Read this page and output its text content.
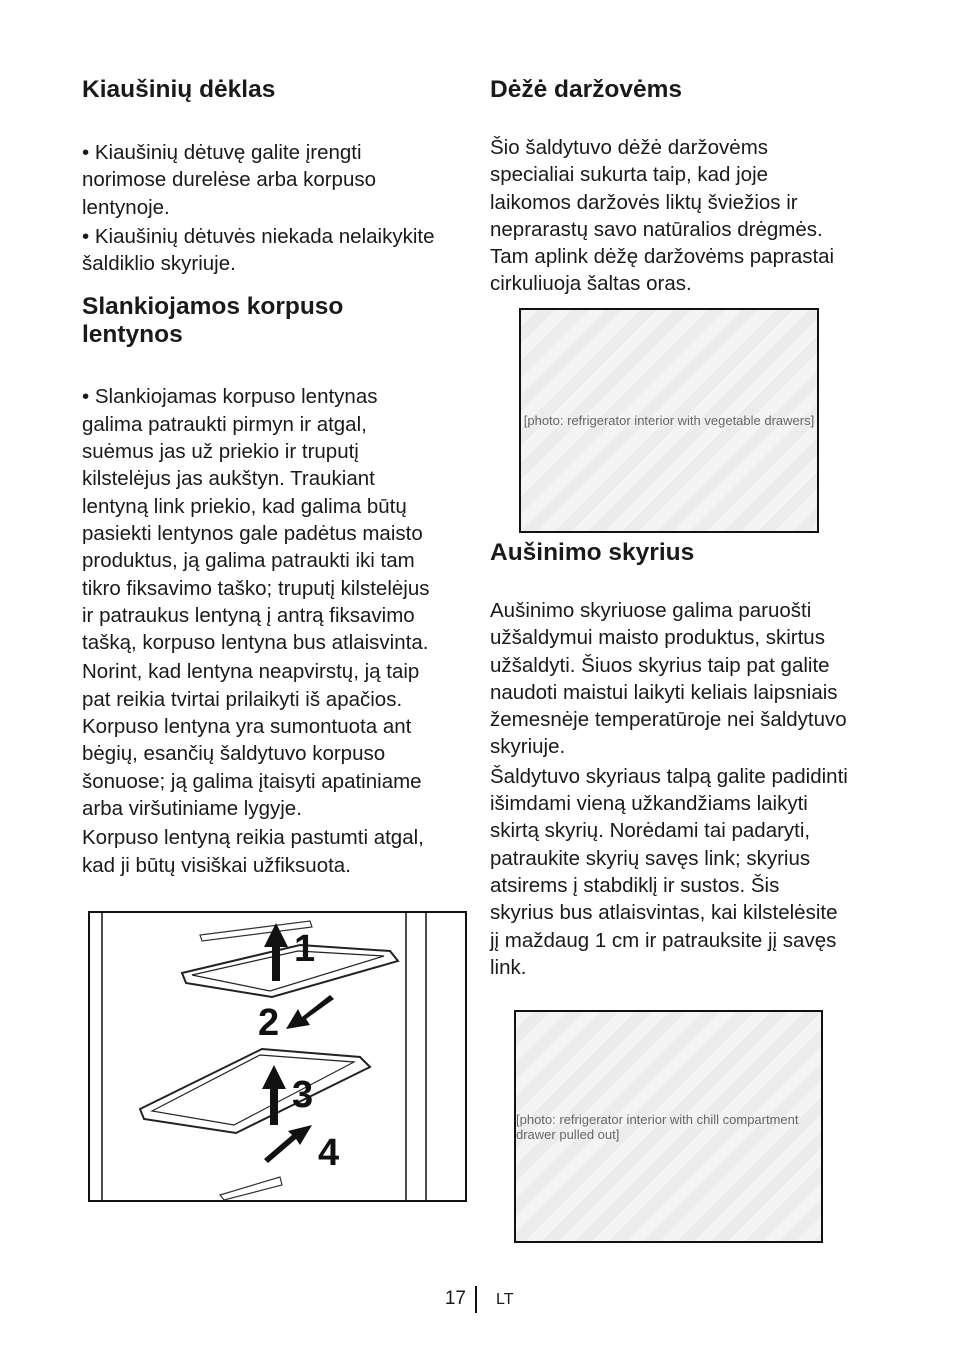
Kiaušinių dėklas

• Kiaušinių dėtuvę galite įrengti

norimose durelėse arba korpuso

lentynoje.

• Kiaušinių dėtuvės niekada nelaikykite

šaldiklio skyriuje.

Slankiojamos korpuso
lentynos

• Slankiojamas korpuso lentynas

galima patraukti pirmyn ir atgal,

suėmus jas už priekio ir truputį

kilstelėjus jas aukštyn. Traukiant

lentyną link priekio, kad galima būtų

pasiekti lentynos gale padėtus maisto

produktus, ją galima patraukti iki tam

tikro fiksavimo taško; truputį kilstelėjus

ir patraukus lentyną į antrą fiksavimo

tašką, korpuso lentyna bus atlaisvinta.

Norint, kad lentyna neapvirstų, ją taip

pat reikia tvirtai prilaikyti iš apačios.

Korpuso lentyna yra sumontuota ant

bėgių, esančių šaldytuvo korpuso

šonuose; ją galima įtaisyti apatiniame

arba viršutiniame lygyje.

Korpuso lentyną reikia pastumti atgal,

kad ji būtų visiškai užfiksuota.

1
2
3
4
Dėžė daržovėms

Šio šaldytuvo dėžė daržovėms

specialiai sukurta taip, kad joje

laikomos daržovės liktų šviežios ir

neprarastų savo natūralios drėgmės.

Tam aplink dėžę daržovėms paprastai

cirkuliuoja šaltas oras.

[photo: refrigerator interior with vegetable drawers]
Aušinimo skyrius

Aušinimo skyriuose galima paruošti

užšaldymui maisto produktus, skirtus

užšaldyti. Šiuos skyrius taip pat galite

naudoti maistui laikyti keliais laipsniais

žemesnėje temperatūroje nei šaldytuvo

skyriuje.

Šaldytuvo skyriaus talpą galite padidinti

išimdami vieną užkandžiams laikyti

skirtą skyrių. Norėdami tai padaryti,

patraukite skyrių savęs link; skyrius

atsirems į stabdiklį ir sustos. Šis

skyrius bus atlaisvintas, kai kilstelėsite

jį maždaug 1 cm ir patrauksite jį savęs

link.

[photo: refrigerator interior with chill compartment drawer pulled out]
17 LT
